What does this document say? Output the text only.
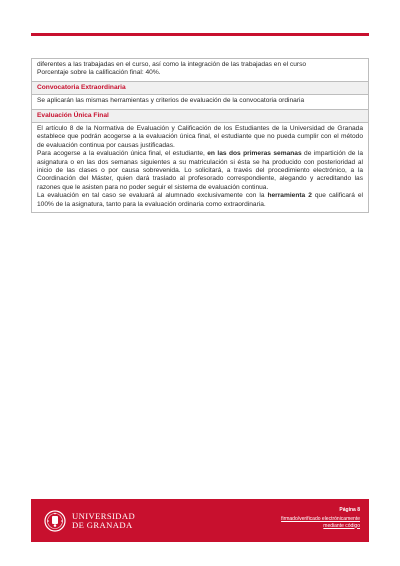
diferentes a las trabajadas en el curso, así como la integración de las trabajadas en el curso

Porcentaje sobre la calificación final: 40%.

Convocatoria Extraordinaria

Se aplicarán las mismas herramientas y criterios de evaluación de la convocatoria ordinaria

Evaluación Única Final

El artículo 8 de la Normativa de Evaluación y Calificación de los Estudiantes de la Universidad de Granada establece que podrán acogerse a la evaluación única final, el estudiante que no pueda cumplir con el método de evaluación continua por causas justificadas.

Para acogerse a la evaluación única final, el estudiante, en las dos primeras semanas de impartición de la asignatura o en las dos semanas siguientes a su matriculación si ésta se ha producido con posterioridad al inicio de las clases o por causa sobrevenida. Lo solicitará, a través del procedimiento electrónico, a la Coordinación del Máster, quien dará traslado al profesorado correspondiente, alegando y acreditando las razones que le asisten para no poder seguir el sistema de evaluación continua.

La evaluación en tal caso se evaluará al alumnado exclusivamente con la herramienta 2 que calificará el 100% de la asignatura, tanto para la evaluación ordinaria como extraordinaria.

UNIVERSIDAD
DE GRANADA
Página 8
firmado/verificado electrónicamente
mediante código
